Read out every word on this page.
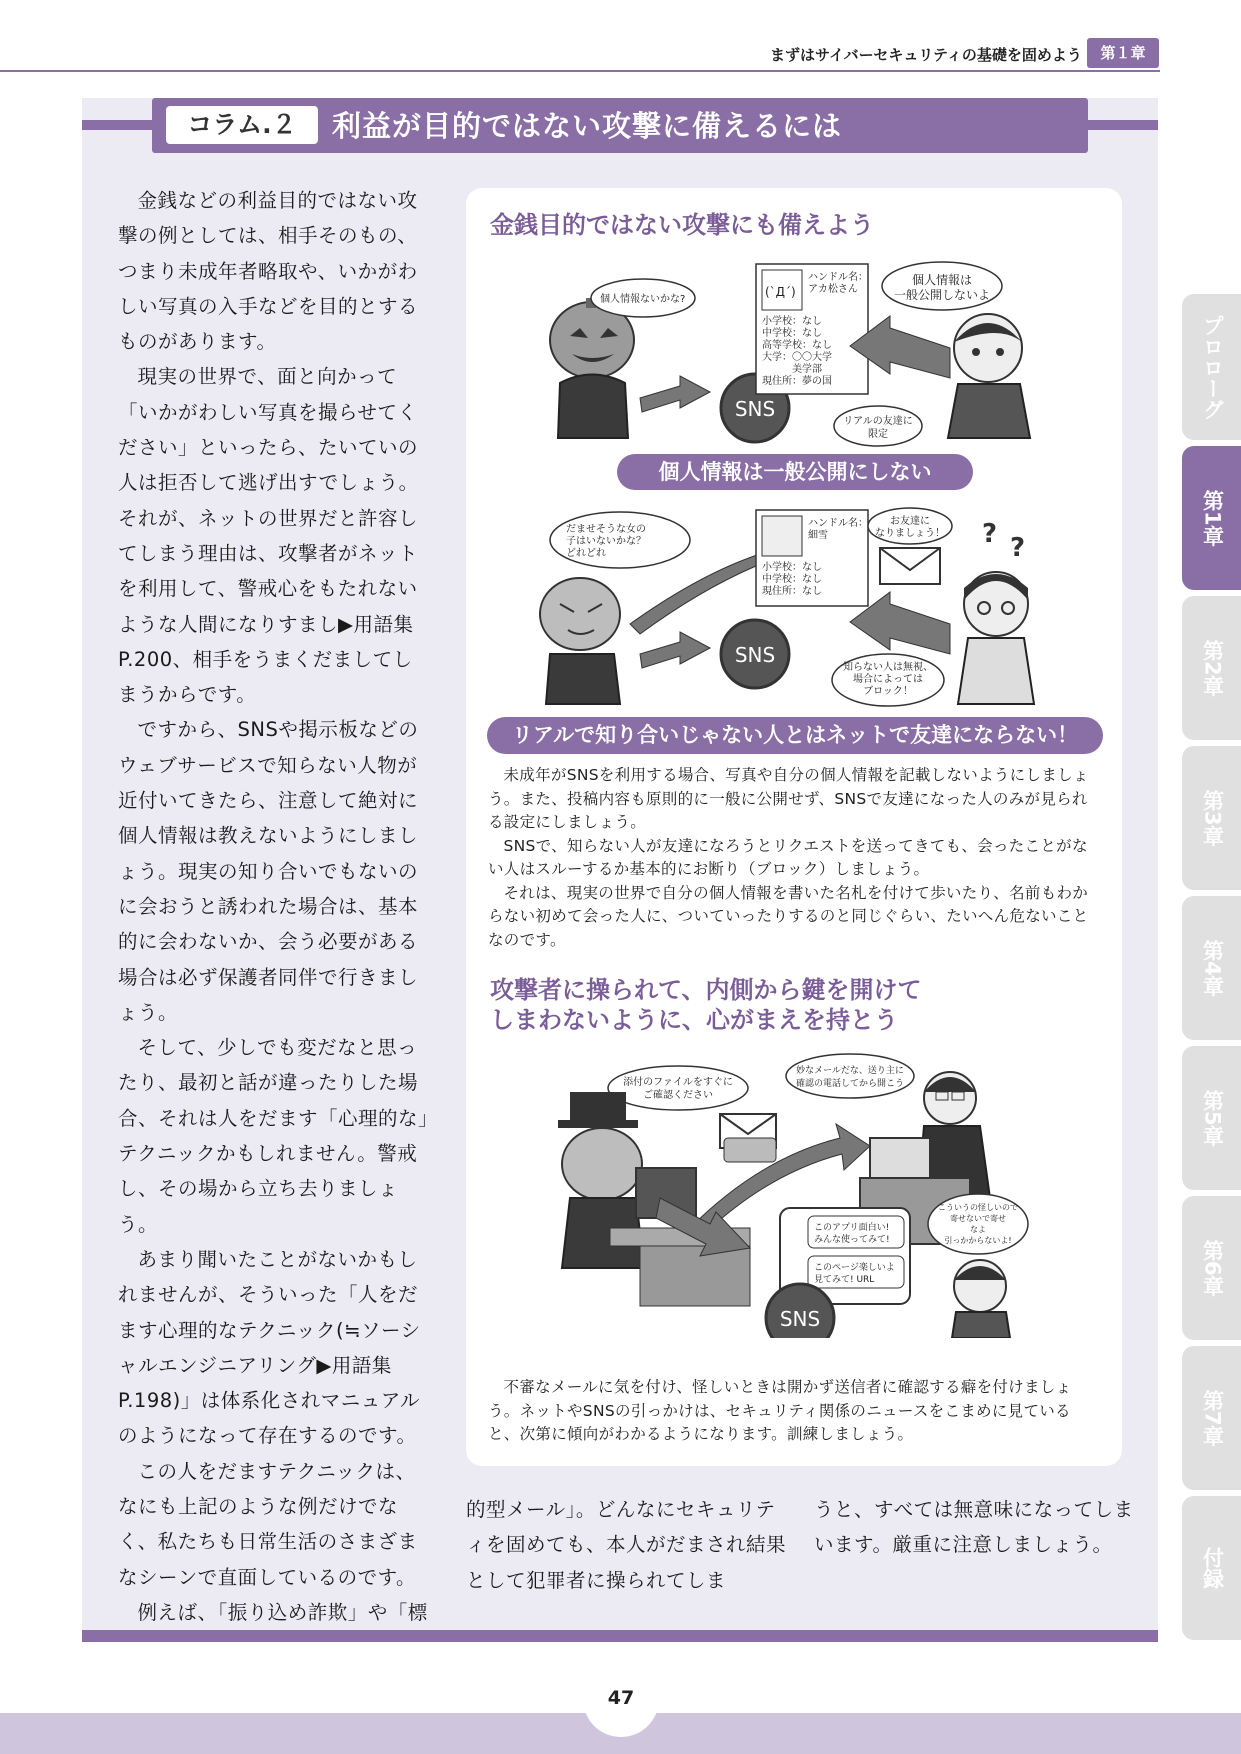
まずはサイバーセキュリティの基礎を固めよう	第１章
コラム.２	利益が目的ではない攻撃に備えるには

金銭などの利益目的ではない攻撃の例としては、相手そのもの、つまり未成年者略取や、いかがわしい写真の入手などを目的とするものがあります。

現実の世界で、面と向かって「いかがわしい写真を撮らせてください」といったら、たいていの人は拒否して逃げ出すでしょう。それが、ネットの世界だと許容してしまう理由は、攻撃者がネットを利用して、警戒心をもたれないような人間になりすまし▶用語集P.200、相手をうまくだましてしまうからです。

ですから、SNSや掲示板などのウェブサービスで知らない人物が近付いてきたら、注意して絶対に個人情報は教えないようにしましょう。現実の知り合いでもないのに会おうと誘われた場合は、基本的に会わないか、会う必要がある場合は必ず保護者同伴で行きましょう。

そして、少しでも変だなと思ったり、最初と話が違ったりした場合、それは人をだます「心理的な」テクニックかもしれません。警戒し、その場から立ち去りましょう。

あまり聞いたことがないかもしれませんが、そういった「人をだます心理的なテクニック(≒ソーシャルエンジニアリング▶用語集P.198)」は体系化されマニュアルのようになって存在するのです。

この人をだますテクニックは、なにも上記のような例だけでなく、私たちも日常生活のさまざまなシーンで直面しているのです。

例えば、「振り込め詐欺」や「標

金銭目的ではない攻撃にも備えよう
個人情報ないかな?
SNS
(`Д´)
ハンドル名：
アカ松さん
小学校：なし
中学校：なし
高等学校：なし
大学：〇〇大学
　　　美学部
現住所：夢の国
個人情報は
一般公開しないよ
リアルの友達に
限定
個人情報は一般公開にしない
だませそうな女の
子はいないかな？
どれどれ
SNS
ハンドル名：
細雪
小学校：なし
中学校：なし
現住所：なし
お友達に
なりましょう！ ? ?
知らない人は無視、
場合によっては
ブロック！
リアルで知り合いじゃない人とはネットで友達にならない！

未成年がSNSを利用する場合、写真や自分の個人情報を記載しないようにしましょう。また、投稿内容も原則的に一般に公開せず、SNSで友達になった人のみが見られる設定にしましょう。

SNSで、知らない人が友達になろうとリクエストを送ってきても、会ったことがない人はスルーするか基本的にお断り（ブロック）しましょう。

それは、現実の世界で自分の個人情報を書いた名札を付けて歩いたり、名前もわからない初めて会った人に、ついていったりするのと同じぐらい、たいへん危ないことなのです。

攻撃者に操られて、内側から鍵を開けて
しまわないように、心がまえを持とう
添付のファイルをすぐに
ご確認ください
妙なメールだな、送り主に
確認の電話してから開こう
このアプリ面白い!
みんな使ってみて!
このページ楽しいよ
見てみて! URL
SNS
こういうの怪しいので
寄せないで寄せ
なよ
引っかからないよ!

不審なメールに気を付け、怪しいときは開かず送信者に確認する癖を付けましょう。ネットやSNSの引っかけは、セキュリティ関係のニュースをこまめに見ていると、次第に傾向がわかるようになります。訓練しましょう。

的型メール」。どんなにセキュリティを固めても、本人がだまされ結果として犯罪者に操られてしま

うと、すべては無意味になってしまいます。厳重に注意しましょう。

プロローグ
第1章
第2章
第3章
第4章
第5章
第6章
第7章
付録
47
